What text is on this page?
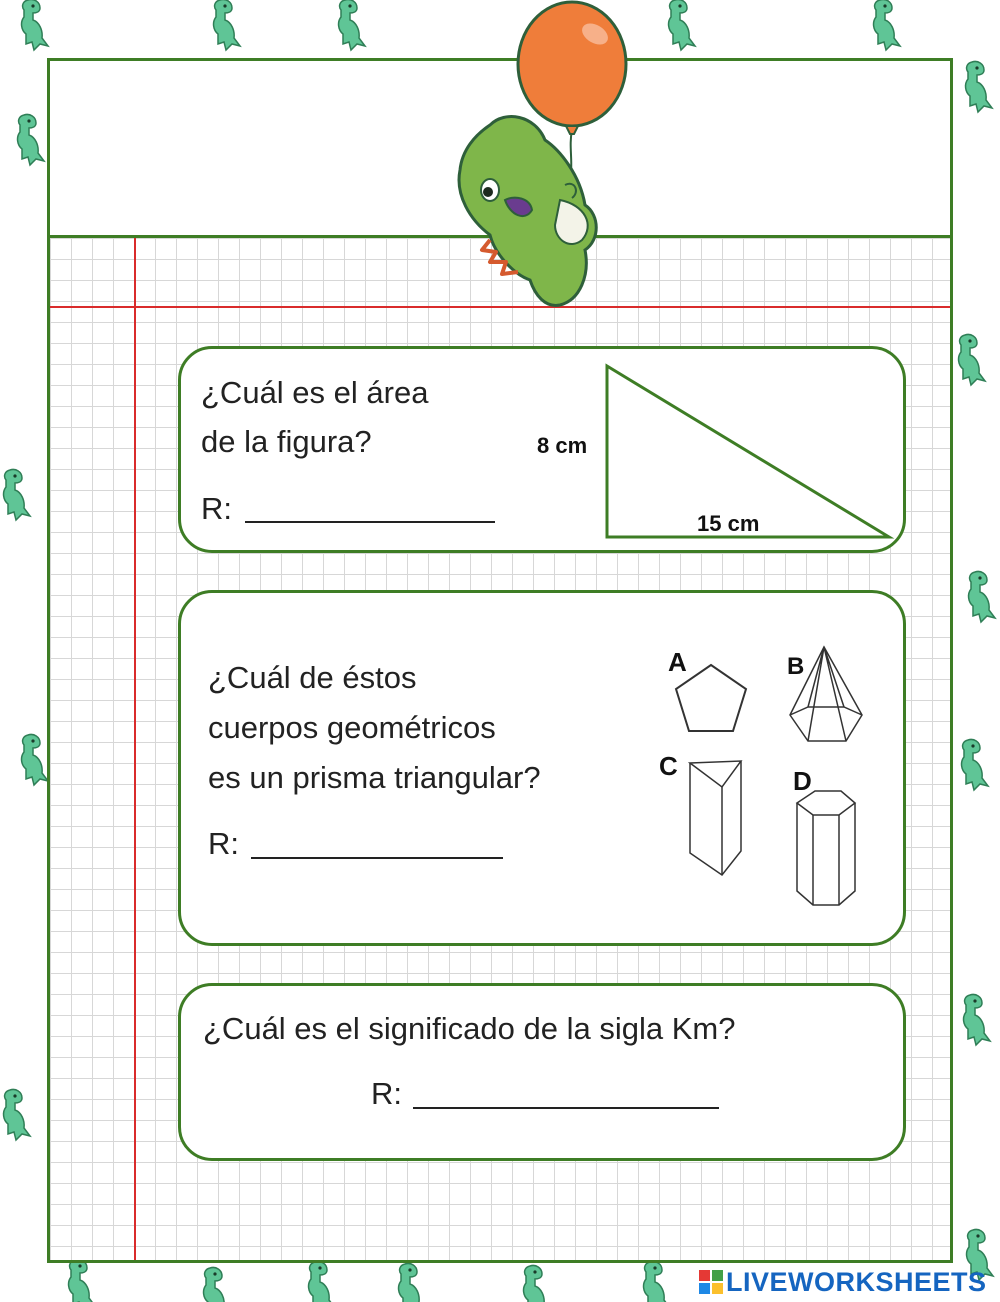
¿Cuál es el área
de la figura?
R:
8 cm
15 cm
¿Cuál de éstos
cuerpos geométricos
es un prisma triangular?
R:
A	B
C	D
¿Cuál es el significado de la sigla Km?
R:
LIVEWORKSHEETS
